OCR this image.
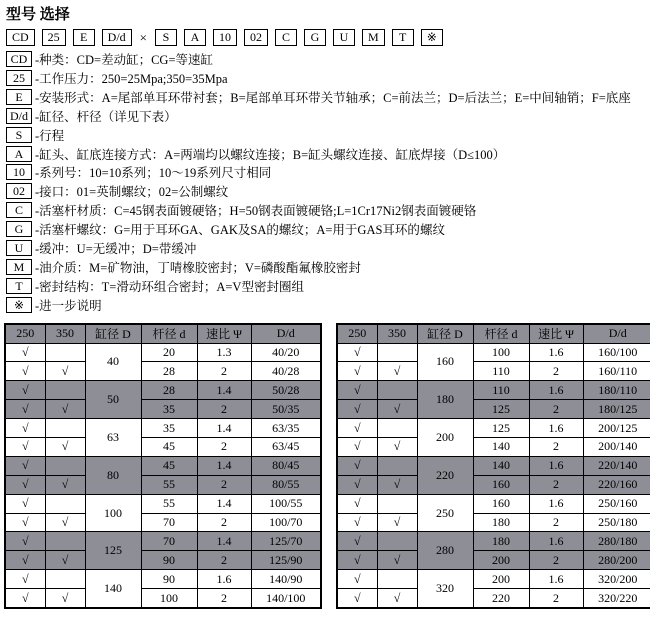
型号 选择
CD	25	E	D/d	×	S	A	10	02	C	G	U	M	T	※
CD -种类：CD=差动缸；CG=等速缸
25 -工作压力：250=25Mpa;350=35Mpa
E -安装形式：A=尾部单耳环带衬套；B=尾部单耳环带关节轴承；C=前法兰；D=后法兰；E=中间轴销；F=底座
D/d -缸径、杆径（详见下表）
S -行程
A -缸头、缸底连接方式：A=两端均以螺纹连接；B=缸头螺纹连接、缸底焊接（D≤100）
10 -系列号：10=10系列；10～19系列尺寸相同
02 -接口：01=英制螺纹；02=公制螺纹
C -活塞杆材质：C=45钢表面镀硬铬；H=50钢表面镀硬铬;L=1Cr17Ni2钢表面镀硬铬
G -活塞杆螺纹：G=用于耳环GA、GAK及SA的螺纹；A=用于GAS耳环的螺纹
U -缓冲：U=无缓冲；D=带缓冲
M -油介质：M=矿物油，丁啨橡胶密封；V=磷酸酯氟橡胶密封
T -密封结构：T=滑动环组合密封；A=V型密封圈组
※ -进一步说明
250	350	缸径 D	杆径 d	速比 Ψ	D/d
√		40	20	1.3	40/20
√	√		28	2	40/28
√		50	28	1.4	50/28
√	√		35	2	50/35
√		63	35	1.4	63/35
√	√		45	2	63/45
√		80	45	1.4	80/45
√	√		55	2	80/55
√		100	55	1.4	100/55
√	√		70	2	100/70
√		125	70	1.4	125/70
√	√		90	2	125/90
√		140	90	1.6	140/90
√	√		100	2	140/100
250	350	缸径 D	杆径 d	速比 Ψ	D/d
√		160	100	1.6	160/100
√	√		110	2	160/110
√		180	110	1.6	180/110
√	√		125	2	180/125
√		200	125	1.6	200/125
√	√		140	2	200/140
√		220	140	1.6	220/140
√	√		160	2	220/160
√		250	160	1.6	250/160
√	√		180	2	250/180
√		280	180	1.6	280/180
√	√		200	2	280/200
√		320	200	1.6	320/200
√	√		220	2	320/220
